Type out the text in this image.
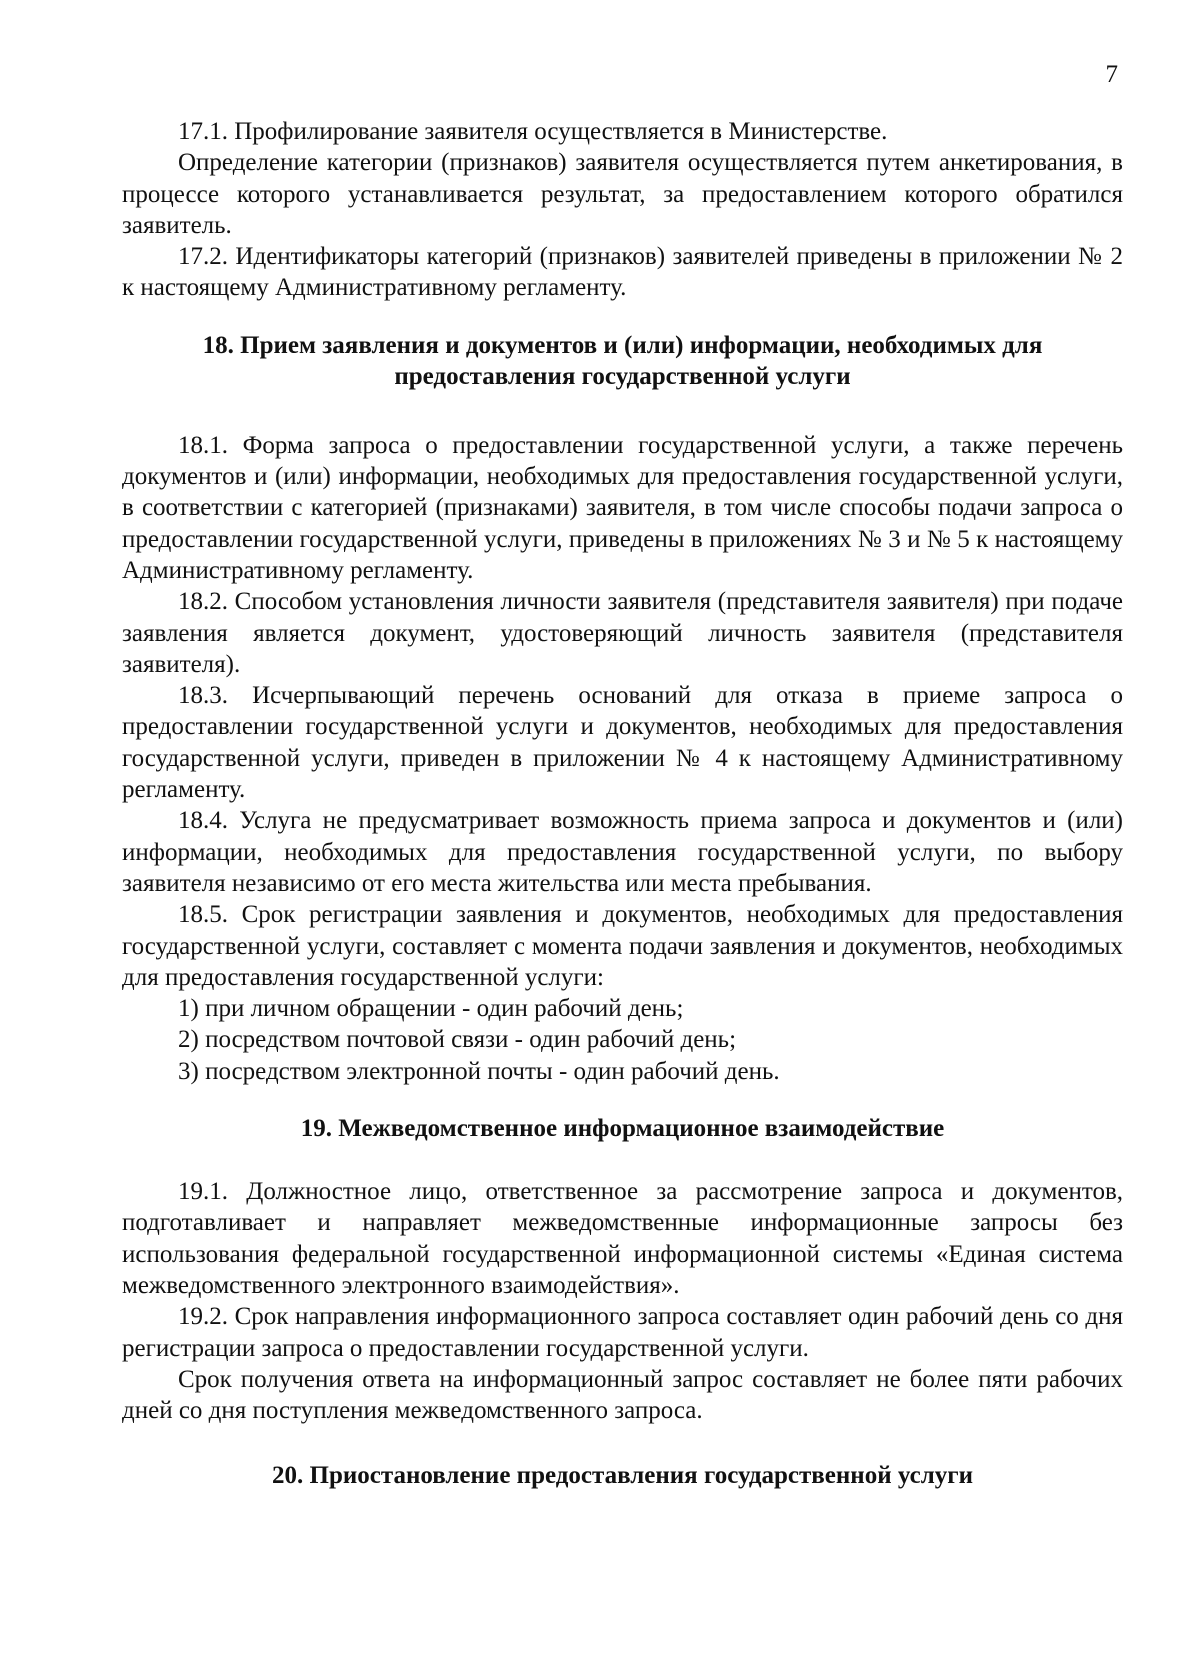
7

17.1. Профилирование заявителя осуществляется в Министерстве.

Определение категории (признаков) заявителя осуществляется путем анкетирования, в процессе которого устанавливается результат, за предоставлением которого обратился заявитель.

17.2. Идентификаторы категорий (признаков) заявителей приведены в приложении № 2 к настоящему Административному регламенту.

18. Прием заявления и документов и (или) информации, необходимых для предоставления государственной услуги

18.1. Форма запроса о предоставлении государственной услуги, а также перечень документов и (или) информации, необходимых для предоставления государственной услуги, в соответствии с категорией (признаками) заявителя, в том числе способы подачи запроса о предоставлении государственной услуги, приведены в приложениях № 3 и № 5 к настоящему Административному регламенту.

18.2. Способом установления личности заявителя (представителя заявителя) при подаче заявления является документ, удостоверяющий личность заявителя (представителя заявителя).

18.3. Исчерпывающий перечень оснований для отказа в приеме запроса о предоставлении государственной услуги и документов, необходимых для предоставления государственной услуги, приведен в приложении № 4 к настоящему Административному регламенту.

18.4. Услуга не предусматривает возможность приема запроса и документов и (или) информации, необходимых для предоставления государственной услуги, по выбору заявителя независимо от его места жительства или места пребывания.

18.5. Срок регистрации заявления и документов, необходимых для предоставления государственной услуги, составляет с момента подачи заявления и документов, необходимых для предоставления государственной услуги:

1) при личном обращении - один рабочий день;

2) посредством почтовой связи - один рабочий день;

3) посредством электронной почты - один рабочий день.

19. Межведомственное информационное взаимодействие

19.1. Должностное лицо, ответственное за рассмотрение запроса и документов, подготавливает и направляет межведомственные информационные запросы без использования федеральной государственной информационной системы «Единая система межведомственного электронного взаимодействия».

19.2. Срок направления информационного запроса составляет один рабочий день со дня регистрации запроса о предоставлении государственной услуги.

Срок получения ответа на информационный запрос составляет не более пяти рабочих дней со дня поступления межведомственного запроса.

20. Приостановление предоставления государственной услуги
